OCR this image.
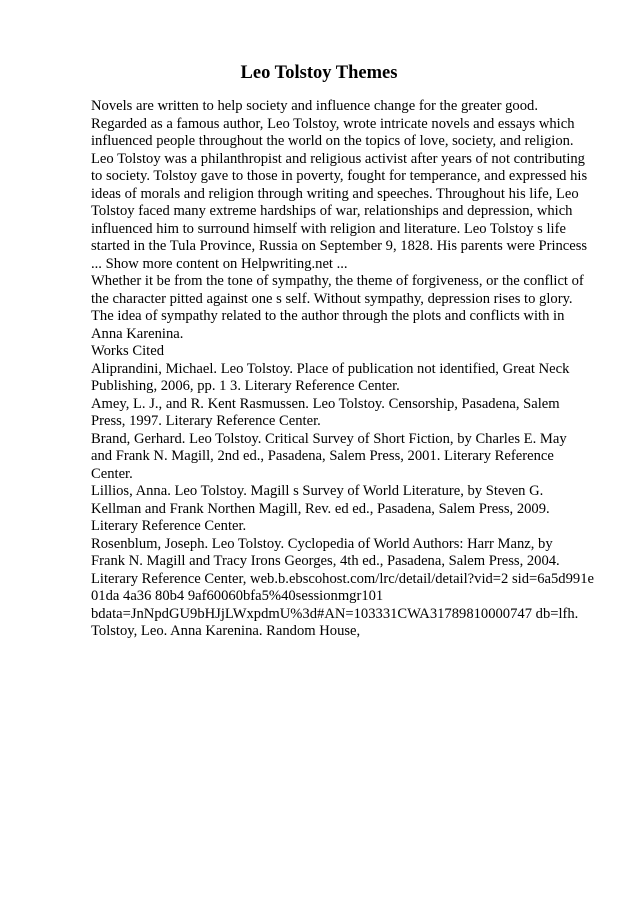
Leo Tolstoy Themes
Novels are written to help society and influence change for the greater good.
Regarded as a famous author, Leo Tolstoy, wrote intricate novels and essays which
influenced people throughout the world on the topics of love, society, and religion.
Leo Tolstoy was a philanthropist and religious activist after years of not contributing
to society. Tolstoy gave to those in poverty, fought for temperance, and expressed his
ideas of morals and religion through writing and speeches. Throughout his life, Leo
Tolstoy faced many extreme hardships of war, relationships and depression, which
influenced him to surround himself with religion and literature. Leo Tolstoy s life
started in the Tula Province, Russia on September 9, 1828. His parents were Princess
... Show more content on Helpwriting.net ...
Whether it be from the tone of sympathy, the theme of forgiveness, or the conflict of
the character pitted against one s self. Without sympathy, depression rises to glory.
The idea of sympathy related to the author through the plots and conflicts with in
Anna Karenina.
Works Cited
Aliprandini, Michael. Leo Tolstoy. Place of publication not identified, Great Neck
Publishing, 2006, pp. 1 3. Literary Reference Center.
Amey, L. J., and R. Kent Rasmussen. Leo Tolstoy. Censorship, Pasadena, Salem
Press, 1997. Literary Reference Center.
Brand, Gerhard. Leo Tolstoy. Critical Survey of Short Fiction, by Charles E. May
and Frank N. Magill, 2nd ed., Pasadena, Salem Press, 2001. Literary Reference
Center.
Lillios, Anna. Leo Tolstoy. Magill s Survey of World Literature, by Steven G.
Kellman and Frank Northen Magill, Rev. ed ed., Pasadena, Salem Press, 2009.
Literary Reference Center.
Rosenblum, Joseph. Leo Tolstoy. Cyclopedia of World Authors: Harr Manz, by
Frank N. Magill and Tracy Irons Georges, 4th ed., Pasadena, Salem Press, 2004.
Literary Reference Center, web.b.ebscohost.com/lrc/detail/detail?vid=2 sid=6a5d991e
01da 4a36 80b4 9af60060bfa5%40sessionmgr101
bdata=JnNpdGU9bHJjLWxpdmU%3d#AN=103331CWA31789810000747 db=lfh.
Tolstoy, Leo. Anna Karenina. Random House,
